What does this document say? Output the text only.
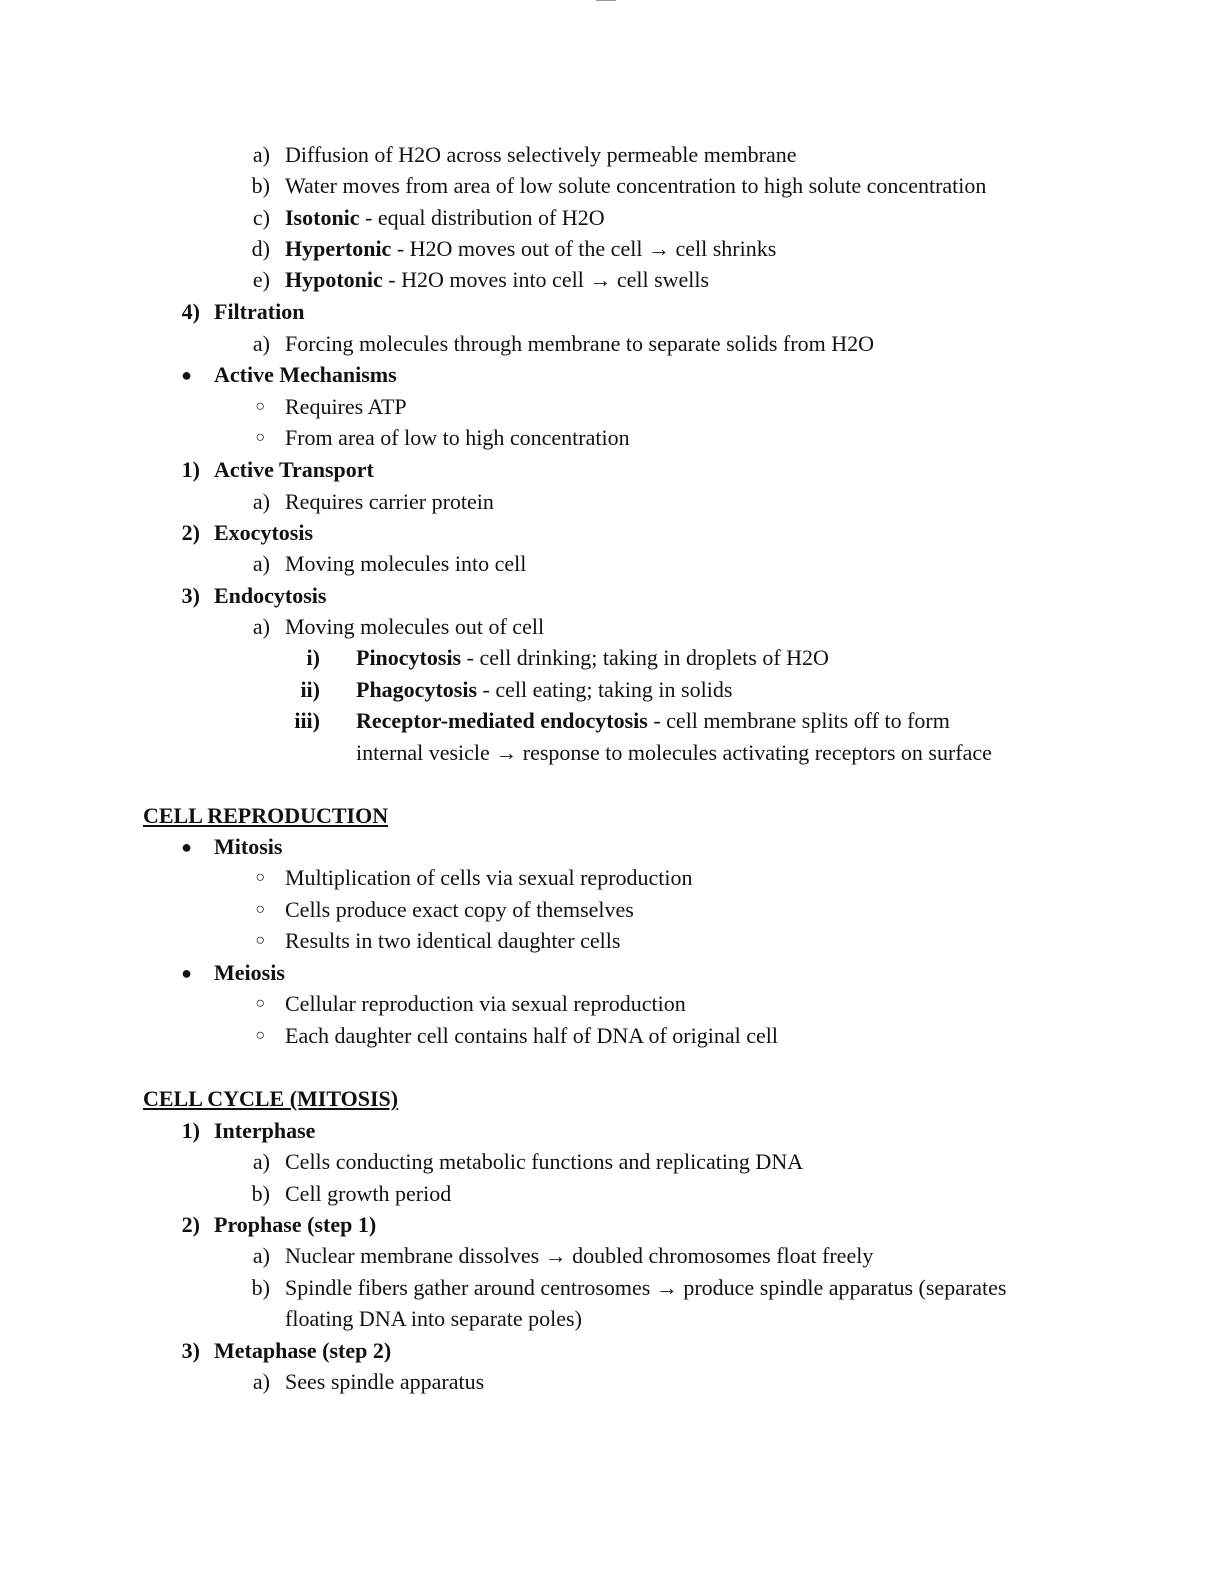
a) Diffusion of H2O across selectively permeable membrane
b) Water moves from area of low solute concentration to high solute concentration
c) Isotonic - equal distribution of H2O
d) Hypertonic - H2O moves out of the cell → cell shrinks
e) Hypotonic - H2O moves into cell → cell swells
4) Filtration
a) Forcing molecules through membrane to separate solids from H2O
● Active Mechanisms
○ Requires ATP
○ From area of low to high concentration
1) Active Transport
a) Requires carrier protein
2) Exocytosis
a) Moving molecules into cell
3) Endocytosis
a) Moving molecules out of cell
i) Pinocytosis - cell drinking; taking in droplets of H2O
ii) Phagocytosis - cell eating; taking in solids
iii) Receptor-mediated endocytosis - cell membrane splits off to form
internal vesicle → response to molecules activating receptors on surface
CELL REPRODUCTION
● Mitosis
○ Multiplication of cells via sexual reproduction
○ Cells produce exact copy of themselves
○ Results in two identical daughter cells
● Meiosis
○ Cellular reproduction via sexual reproduction
○ Each daughter cell contains half of DNA of original cell
CELL CYCLE (MITOSIS)
1) Interphase
a) Cells conducting metabolic functions and replicating DNA
b) Cell growth period
2) Prophase (step 1)
a) Nuclear membrane dissolves → doubled chromosomes float freely
b) Spindle fibers gather around centrosomes → produce spindle apparatus (separates
floating DNA into separate poles)
3) Metaphase (step 2)
a) Sees spindle apparatus
